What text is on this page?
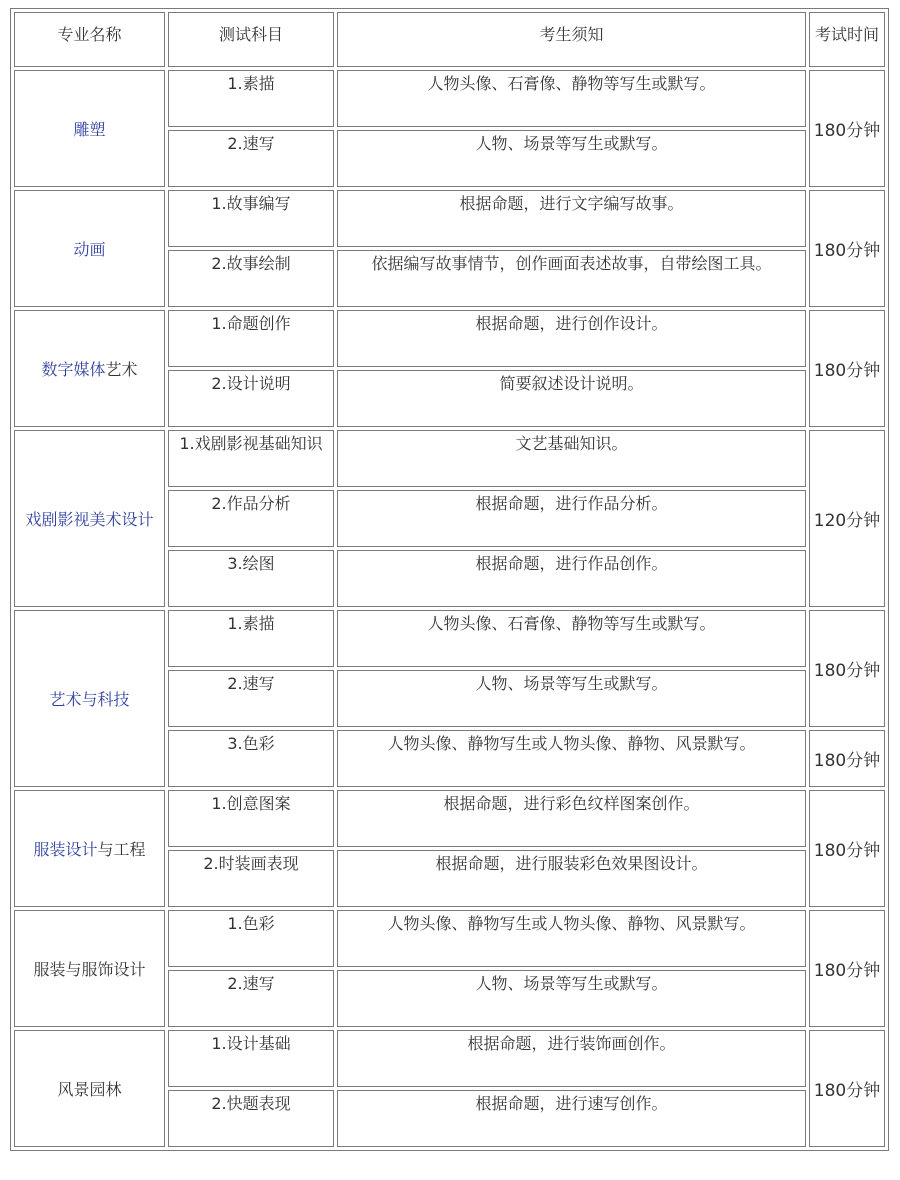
专业名称	测试科目	考生须知	考试时间
雕塑	1.素描	人物头像、石膏像、静物等写生或默写。	180分钟
	2.速写	人物、场景等写生或默写。	
动画	1.故事编写	根据命题，进行文字编写故事。	180分钟
	2.故事绘制	依据编写故事情节，创作画面表述故事，自带绘图工具。	
数字媒体艺术	1.命题创作	根据命题，进行创作设计。	180分钟
	2.设计说明	简要叙述设计说明。	
戏剧影视美术设计	1.戏剧影视基础知识	文艺基础知识。	120分钟
	2.作品分析	根据命题，进行作品分析。	
	3.绘图	根据命题，进行作品创作。	
艺术与科技	1.素描	人物头像、石膏像、静物等写生或默写。	180分钟
	2.速写	人物、场景等写生或默写。	
	3.色彩	人物头像、静物写生或人物头像、静物、风景默写。	180分钟
服装设计与工程	1.创意图案	根据命题，进行彩色纹样图案创作。	180分钟
	2.时装画表现	根据命题，进行服装彩色效果图设计。	
服装与服饰设计	1.色彩	人物头像、静物写生或人物头像、静物、风景默写。	180分钟
	2.速写	人物、场景等写生或默写。	
风景园林	1.设计基础	根据命题，进行装饰画创作。	180分钟
	2.快题表现	根据命题，进行速写创作。	
